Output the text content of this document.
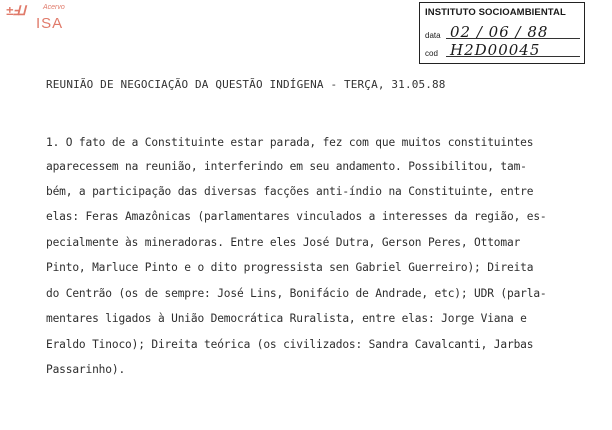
±Ⅎ⅃	Acervo
ISA
INSTITUTO SOCIOAMBIENTAL
data 02 / 06 / 88
cod H2D00045
REUNIÃO DE NEGOCIAÇÃO DA QUESTÃO INDÍGENA - TERÇA, 31.05.88
1. O fato de a Constituinte estar parada, fez com que muitos constituintes
aparecessem na reunião, interferindo em seu andamento. Possibilitou, tam-
bém, a participação das diversas facções anti-índio na Constituinte, entre
elas: Feras Amazônicas (parlamentares vinculados a interesses da região, es-
pecialmente às mineradoras. Entre eles José Dutra, Gerson Peres, Ottomar
Pinto, Marluce Pinto e o dito progressista sen Gabriel Guerreiro); Direita
do Centrão (os de sempre: José Lins, Bonifácio de Andrade, etc); UDR (parla-
mentares ligados à União Democrática Ruralista, entre elas: Jorge Viana e
Eraldo Tinoco); Direita teórica (os civilizados: Sandra Cavalcanti, Jarbas
Passarinho).
